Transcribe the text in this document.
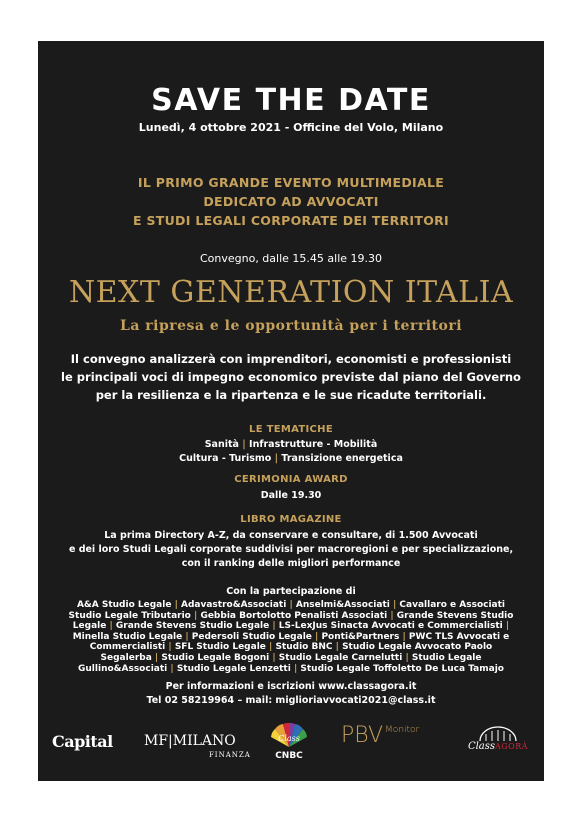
SAVE THE DATE
Lunedì, 4 ottobre 2021 - Officine del Volo, Milano
IL PRIMO GRANDE EVENTO MULTIMEDIALE
DEDICATO AD AVVOCATI
E STUDI LEGALI CORPORATE DEI TERRITORI
Convegno, dalle 15.45 alle 19.30
NEXT GENERATION ITALIA
La ripresa e le opportunità per i territori
Il convegno analizzerà con imprenditori, economisti e professionisti
le principali voci di impegno economico previste dal piano del Governo
per la resilienza e la ripartenza e le sue ricadute territoriali.
LE TEMATICHE
Sanità | Infrastrutture - Mobilità
Cultura - Turismo | Transizione energetica
CERIMONIA AWARD
Dalle 19.30
LIBRO MAGAZINE
La prima Directory A-Z, da conservare e consultare, di 1.500 Avvocati
e dei loro Studi Legali corporate suddivisi per macroregioni e per specializzazione,
con il ranking delle migliori performance
Con la partecipazione di
A&A Studio Legale | Adavastro&Associati | Anselmi&Associati | Cavallaro e Associati Studio Legale Tributario | Gebbia Bortolotto Penalisti Associati | Grande Stevens Studio Legale | Grande Stevens Studio Legale | LS-LexJus Sinacta Avvocati e Commercialisti | Minella Studio Legale | Pedersoli Studio Legale | Ponti&Partners | PWC TLS Avvocati e Commercialisti | SFL Studio Legale | Studio BNC | Studio Legale Avvocato Paolo Segalerba | Studio Legale Bogoni | Studio Legale Carnelutti | Studio Legale Gullino&Associati | Studio Legale Lenzetti | Studio Legale Toffoletto De Luca Tamajo
Per informazioni e iscrizioni www.classagora.it
Tel 02 58219964 – mail: miglioriavvocati2021@class.it
Capital MF|MILANO
$^{FINANZA}$
Class
CNBC
PBV $^{Monitor}$
ClassAGORÀ
